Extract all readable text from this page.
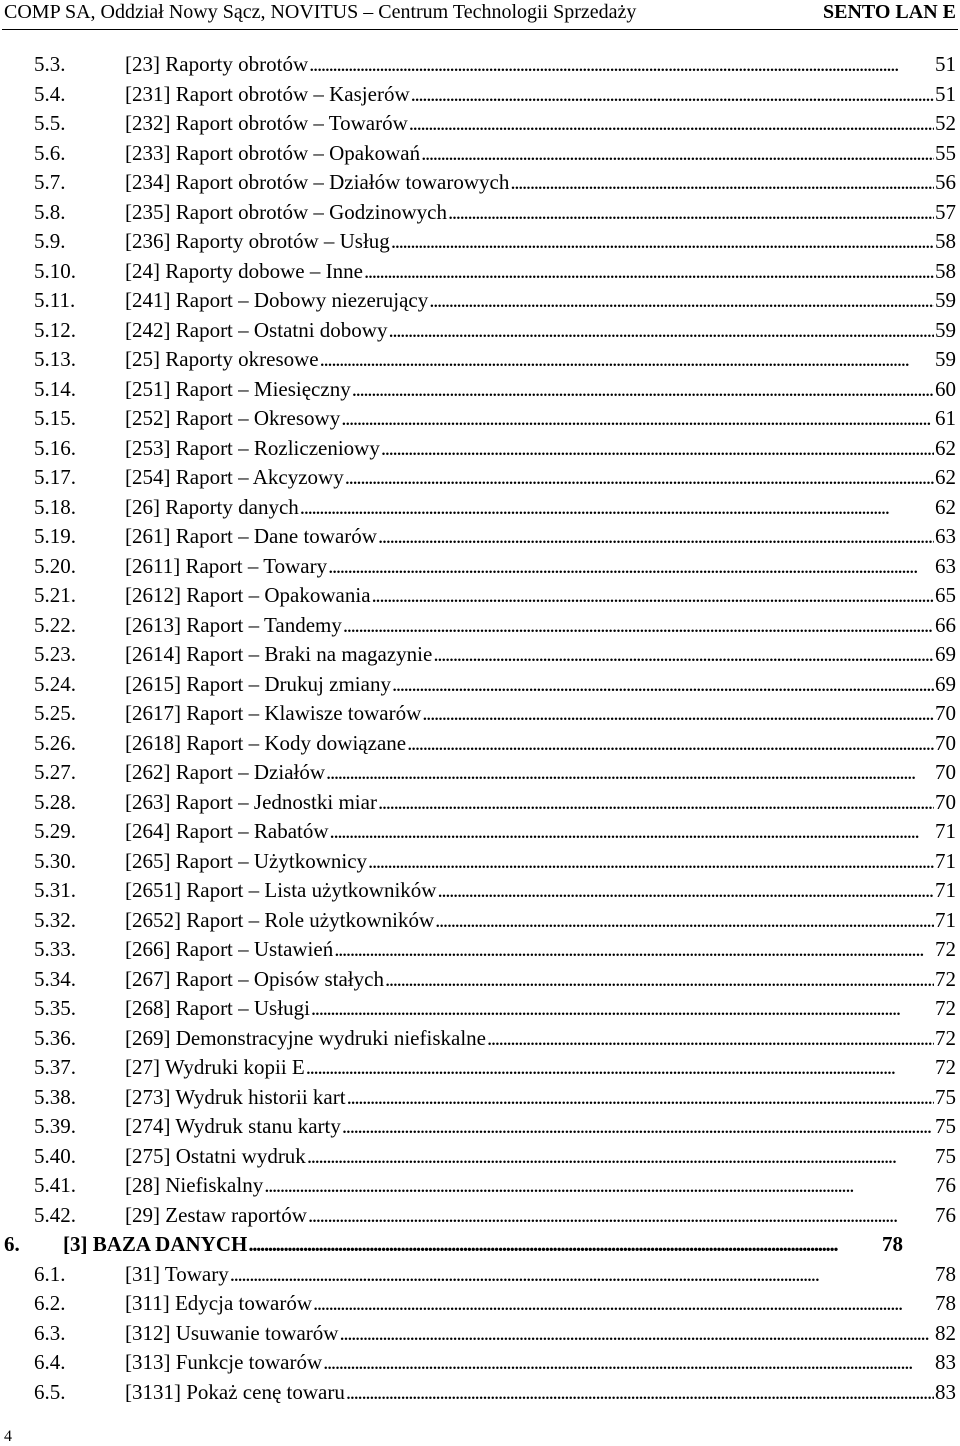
COMP SA, Oddział Nowy Sącz, NOVITUS – Centrum Technologii Sprzedaży	SENTO LAN E
5.3.	[23] Raporty obrotów . . .	51
5.4.	[231] Raport obrotów – Kasjerów . . .	51
5.5.	[232] Raport obrotów – Towarów . . .	52
5.6.	[233] Raport obrotów – Opakowań . . .	55
5.7.	[234] Raport obrotów – Działów towarowych . . .	56
5.8.	[235] Raport obrotów – Godzinowych . . .	57
5.9.	[236] Raporty obrotów – Usług . . .	58
5.10. [24] Raporty dobowe – Inne . . .	58
5.11. [241] Raport – Dobowy niezerujący . . .	59
5.12. [242] Raport – Ostatni dobowy . . .	59
5.13. [25] Raporty okresowe . . .	59
5.14. [251] Raport – Miesięczny . . .	60
5.15. [252] Raport – Okresowy . . .	61
5.16. [253] Raport – Rozliczeniowy . . .	62
5.17. [254] Raport – Akcyzowy . . .	62
5.18. [26] Raporty danych . . .	62
5.19. [261] Raport – Dane towarów . . .	63
5.20. [2611] Raport – Towary . . .	63
5.21. [2612] Raport – Opakowania . . .	65
5.22. [2613] Raport – Tandemy . . .	66
5.23. [2614] Raport – Braki na magazynie . . .	69
5.24. [2615] Raport – Drukuj zmiany . . .	69
5.25. [2617] Raport – Klawisze towarów . . .	70
5.26. [2618] Raport – Kody dowiązane . . .	70
5.27. [262] Raport – Działów . . .	70
5.28. [263] Raport – Jednostki miar . . .	70
5.29. [264] Raport – Rabatów . . .	71
5.30. [265] Raport – Użytkownicy . . .	71
5.31. [2651] Raport – Lista użytkowników . . .	71
5.32. [2652] Raport – Role użytkowników . . .	71
5.33. [266] Raport – Ustawień . . .	72
5.34. [267] Raport – Opisów stałych . . .	72
5.35. [268] Raport – Usługi . . .	72
5.36. [269] Demonstracyjne wydruki niefiskalne . . .	72
5.37. [27] Wydruki kopii E . . .	72
5.38. [273] Wydruk historii kart . . .	75
5.39. [274] Wydruk stanu karty . . .	75
5.40. [275] Ostatni wydruk . . .	75
5.41. [28] Niefiskalny . . .	76
5.42. [29] Zestaw raportów . . .	76
6. [3] BAZA DANYCH . . .	78
6.1.	[31] Towary . . .	78
6.2.	[311] Edycja towarów . . .	78
6.3.	[312] Usuwanie towarów . . .	82
6.4.	[313] Funkcje towarów . . .	83
6.5.	[3131] Pokaż cenę towaru . . .	83
4
